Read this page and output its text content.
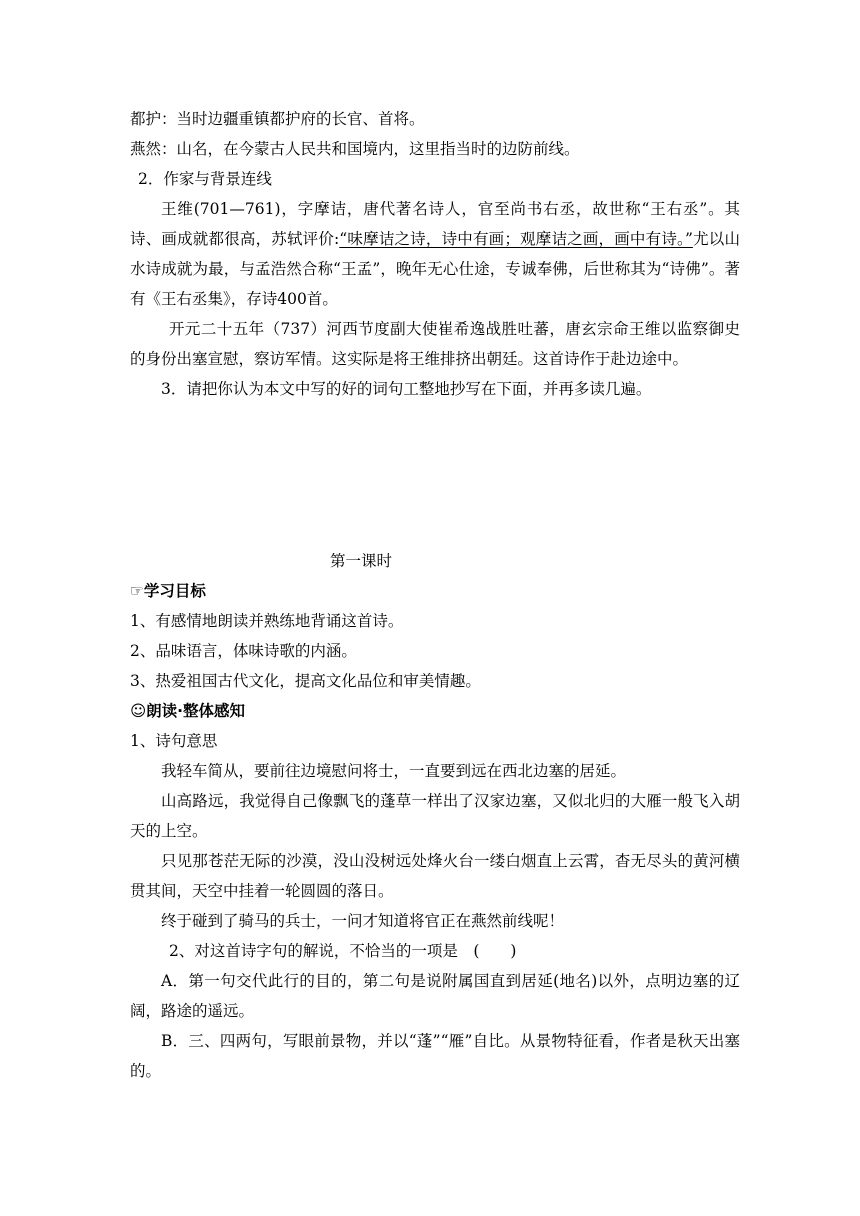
都护：当时边疆重镇都护府的长官、首将。

燕然：山名，在今蒙古人民共和国境内，这里指当时的边防前线。

2．作家与背景连线

王维(701—761)，字摩诘，唐代著名诗人，官至尚书右丞，故世称“王右丞”。其诗、画成就都很高，苏轼评价:“味摩诘之诗，诗中有画；观摩诘之画，画中有诗。”尤以山水诗成就为最，与孟浩然合称“王孟”，晚年无心仕途，专诚奉佛，后世称其为“诗佛”。著有《王右丞集》，存诗400首。

开元二十五年（737）河西节度副大使崔希逸战胜吐蕃，唐玄宗命王维以监察御史的身份出塞宣慰，察访军情。这实际是将王维排挤出朝廷。这首诗作于赴边途中。

3．请把你认为本文中写的好的词句工整地抄写在下面，并再多读几遍。

第一课时

☞学习目标

1、有感情地朗读并熟练地背诵这首诗。

2、品味语言，体味诗歌的内涵。

3、热爱祖国古代文化，提高文化品位和审美情趣。

☺朗读·整体感知

1、诗句意思

我轻车简从，要前往边境慰问将士，一直要到远在西北边塞的居延。

山高路远，我觉得自己像飘飞的蓬草一样出了汉家边塞，又似北归的大雁一般飞入胡天的上空。

只见那苍茫无际的沙漠，没山没树远处烽火台一缕白烟直上云霄，杳无尽头的黄河横贯其间，天空中挂着一轮圆圆的落日。

终于碰到了骑马的兵士，一问才知道将官正在燕然前线呢！

2、对这首诗字句的解说，不恰当的一项是　(　　)

A．第一句交代此行的目的，第二句是说附属国直到居延(地名)以外，点明边塞的辽阔，路途的遥远。

B．三、四两句，写眼前景物，并以“蓬”“雁”自比。从景物特征看，作者是秋天出塞的。
